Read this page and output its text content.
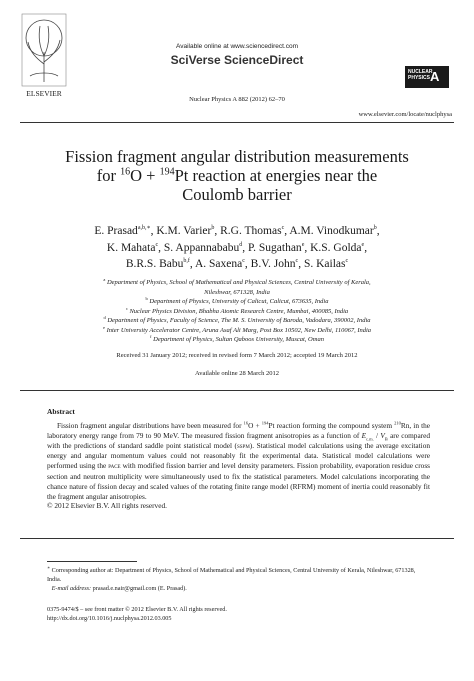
ELSEVIER
Available online at www.sciencedirect.com
SciVerse ScienceDirect
Nuclear Physics A 882 (2012) 62–70
NUCLEAR
PHYSICS A
www.elsevier.com/locate/nuclphysa
Fission fragment angular distribution measurements
for $^{16}$O + $^{194}$Pt reaction at energies near the
Coulomb barrier
E. Prasad$^{a,b,∗}$, K.M. Varier$^b$, R.G. Thomas$^c$, A.M. Vinodkumar$^b$,
K. Mahata$^c$, S. Appannababu$^d$, P. Sugathan$^e$, K.S. Golda$^e$,
B.R.S. Babu$^{b,f}$, A. Saxena$^c$, B.V. John$^c$, S. Kailas$^c$
$^a$ Department of Physics, School of Mathematical and Physical Sciences, Central University of Kerala,
Nileshwar, 671328, India
$^b$ Department of Physics, University of Calicut, Calicut, 673635, India
$^c$ Nuclear Physics Division, Bhabha Atomic Research Centre, Mumbai, 400085, India
$^d$ Department of Physics, Faculty of Science, The M. S. University of Baroda, Vadodara, 390002, India
$^e$ Inter University Accelerator Centre, Aruna Asaf Ali Marg, Post Box 10502, New Delhi, 110067, India
$^f$ Department of Physics, Sultan Qaboos University, Muscat, Oman
Received 31 January 2012; received in revised form 7 March 2012; accepted 19 March 2012
Available online 28 March 2012
Abstract

Fission fragment angular distributions have been measured for $^{16}$O + $^{194}$Pt reaction forming the compound system $^{210}$Rn, in the laboratory energy range from 79 to 90 MeV. The measured fission fragment anisotropies as a function of $E_{c.m.} / V_B$ are compared with the predictions of standard saddle point statistical model (sspm). Statistical model calculations using the average excitation energy and angular momentum values could not reasonably fit the experimental data. Statistical model calculations were performed using the pace with modified fission barrier and level density parameters. Fission probability, evaporation residue cross section and neutron multiplicity were simultaneously used to fix the statistical parameters. Model calculations incorporating the chance nature of fission decay and scaled values of the rotating finite range model (RFRM) moment of inertia could reasonably fit the fragment angular anisotropies.

© 2012 Elsevier B.V. All rights reserved.

∗ Corresponding author at: Department of Physics, School of Mathematical and Physical Sciences, Central University of Kerala, Nileshwar, 671328, India.

E-mail address: prasad.e.nair@gmail.com (E. Prasad).

0375-9474/$ – see front matter © 2012 Elsevier B.V. All rights reserved.

http://dx.doi.org/10.1016/j.nuclphysa.2012.03.005
